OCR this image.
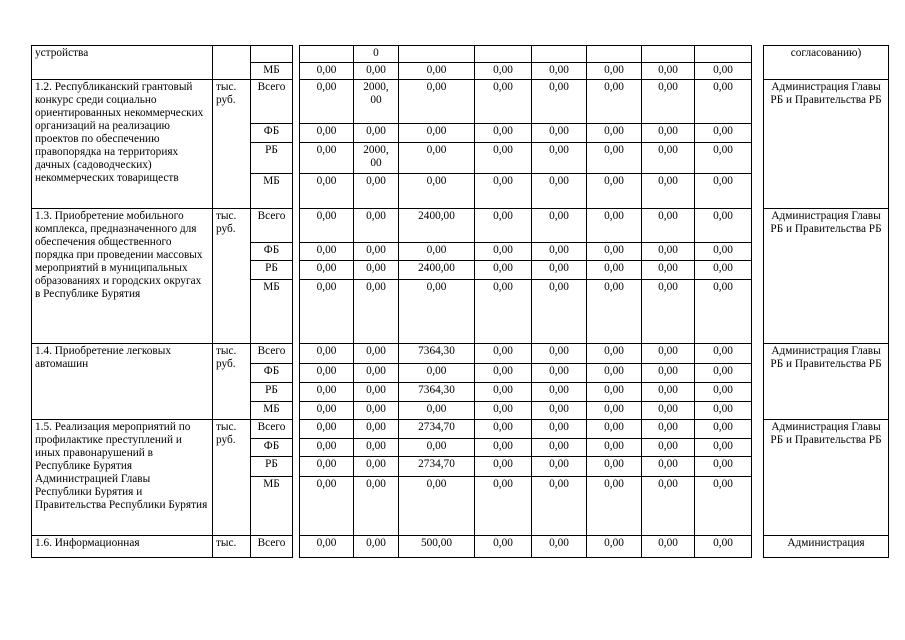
устройства					0								согласованию)
		МБ		0,00	0,00	0,00	0,00	0,00	0,00	0,00	0,00		
1.2. Республиканский грантовый конкурс среди социально ориентированных некоммерческих организаций на реализацию проектов по обеспечению правопорядка на территориях дачных (садоводческих) некоммерческих товариществ	тыс. руб.	Всего		0,00	2000, 00	0,00	0,00	0,00	0,00	0,00	0,00		Администрация Главы РБ и Правительства РБ
		ФБ		0,00	0,00	0,00	0,00	0,00	0,00	0,00	0,00		
		РБ		0,00	2000, 00	0,00	0,00	0,00	0,00	0,00	0,00		
		МБ		0,00	0,00	0,00	0,00	0,00	0,00	0,00	0,00		
1.3. Приобретение мобильного комплекса, предназначенного для обеспечения общественного порядка при проведении массовых мероприятий в муниципальных образованиях и городских округах в Республике Бурятия	тыс. руб.	Всего		0,00	0,00	2400,00	0,00	0,00	0,00	0,00	0,00		Администрация Главы РБ и Правительства РБ
		ФБ		0,00	0,00	0,00	0,00	0,00	0,00	0,00	0,00		
		РБ		0,00	0,00	2400,00	0,00	0,00	0,00	0,00	0,00		
		МБ		0,00	0,00	0,00	0,00	0,00	0,00	0,00	0,00		
1.4. Приобретение легковых автомашин	тыс. руб.	Всего		0,00	0,00	7364,30	0,00	0,00	0,00	0,00	0,00		Администрация Главы РБ и Правительства РБ
		ФБ		0,00	0,00	0,00	0,00	0,00	0,00	0,00	0,00		
		РБ		0,00	0,00	7364,30	0,00	0,00	0,00	0,00	0,00		
		МБ		0,00	0,00	0,00	0,00	0,00	0,00	0,00	0,00		
1.5. Реализация мероприятий по профилактике преступлений и иных правонарушений в Республике Бурятия Администрацией Главы Республики Бурятия и Правительства Республики Бурятия	тыс. руб.	Всего		0,00	0,00	2734,70	0,00	0,00	0,00	0,00	0,00		Администрация Главы РБ и Правительства РБ
		ФБ		0,00	0,00	0,00	0,00	0,00	0,00	0,00	0,00		
		РБ		0,00	0,00	2734,70	0,00	0,00	0,00	0,00	0,00		
		МБ		0,00	0,00	0,00	0,00	0,00	0,00	0,00	0,00		
1.6. Информационная	тыс.	Всего		0,00	0,00	500,00	0,00	0,00	0,00	0,00	0,00		Администрация
